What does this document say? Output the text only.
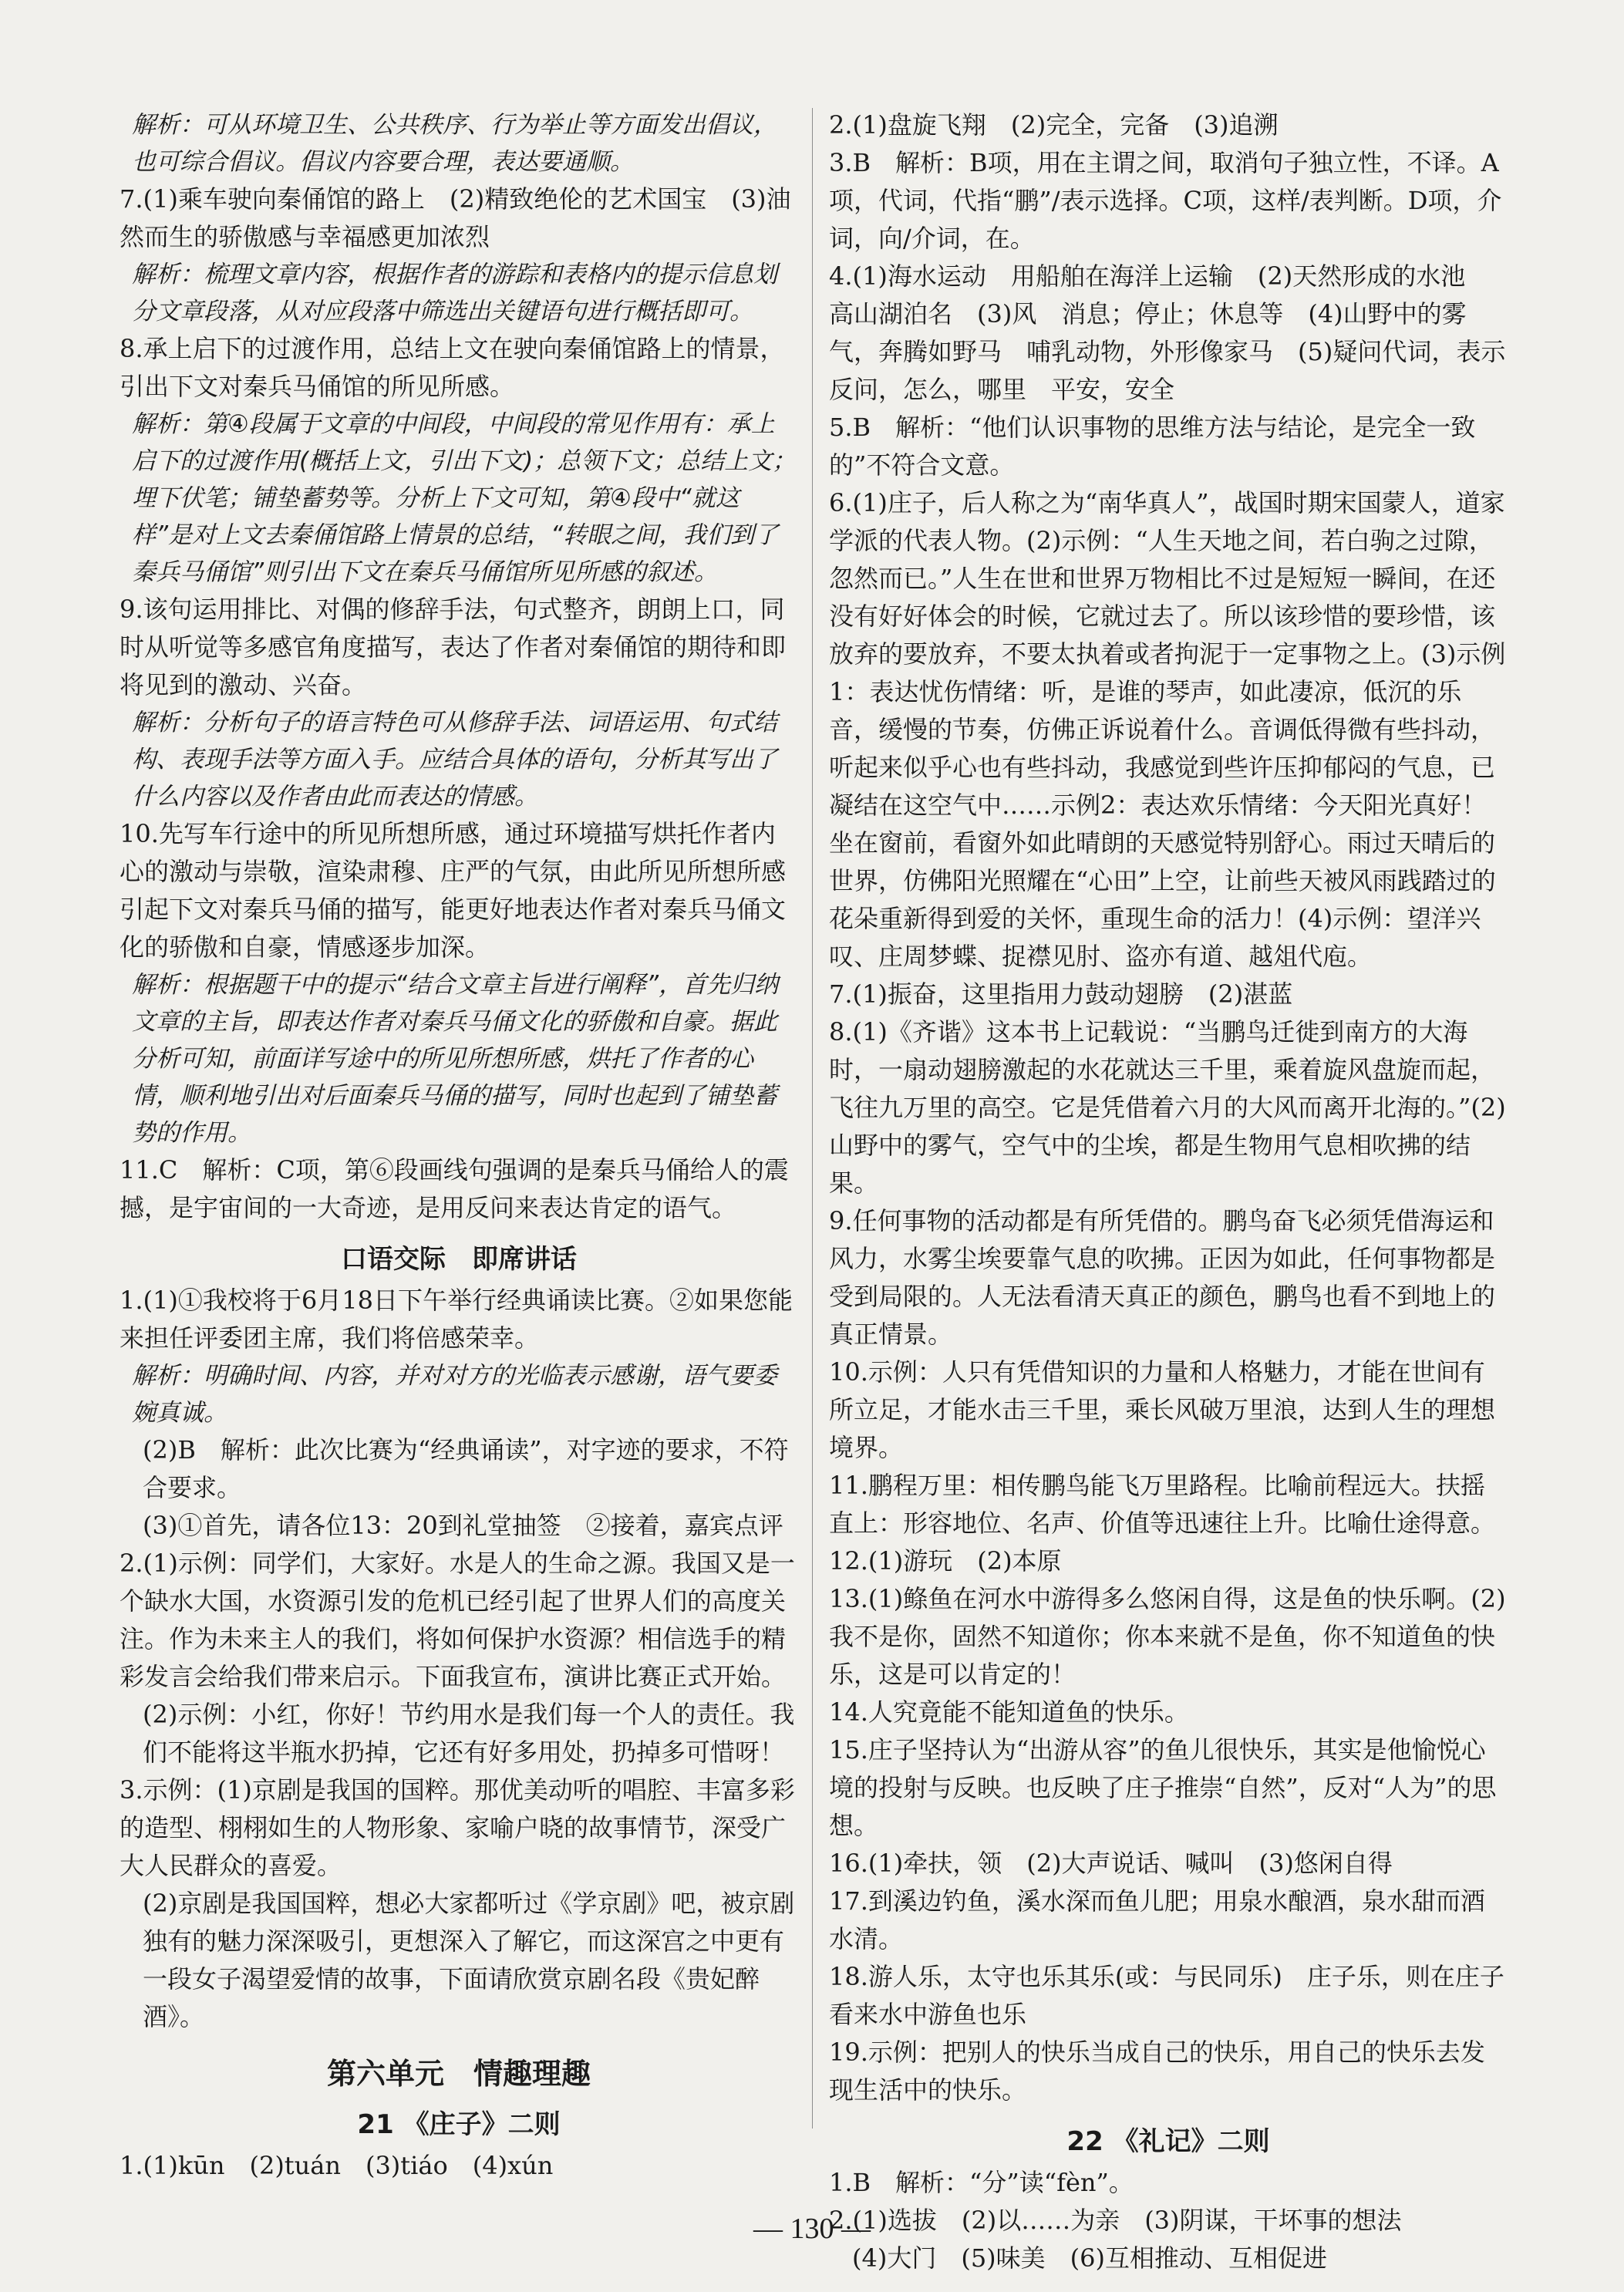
解析：可从环境卫生、公共秩序、行为举止等方面发出倡议，也可综合倡议。倡议内容要合理，表达要通顺。

7.(1)乘车驶向秦俑馆的路上　(2)精致绝伦的艺术国宝　(3)油然而生的骄傲感与幸福感更加浓烈

解析：梳理文章内容，根据作者的游踪和表格内的提示信息划分文章段落，从对应段落中筛选出关键语句进行概括即可。

8.承上启下的过渡作用，总结上文在驶向秦俑馆路上的情景，引出下文对秦兵马俑馆的所见所感。

解析：第④段属于文章的中间段，中间段的常见作用有：承上启下的过渡作用(概括上文，引出下文)；总领下文；总结上文；埋下伏笔；铺垫蓄势等。分析上下文可知，第④段中“就这样”是对上文去秦俑馆路上情景的总结，“转眼之间，我们到了秦兵马俑馆”则引出下文在秦兵马俑馆所见所感的叙述。

9.该句运用排比、对偶的修辞手法，句式整齐，朗朗上口，同时从听觉等多感官角度描写，表达了作者对秦俑馆的期待和即将见到的激动、兴奋。

解析：分析句子的语言特色可从修辞手法、词语运用、句式结构、表现手法等方面入手。应结合具体的语句，分析其写出了什么内容以及作者由此而表达的情感。

10.先写车行途中的所见所想所感，通过环境描写烘托作者内心的激动与崇敬，渲染肃穆、庄严的气氛，由此所见所想所感引起下文对秦兵马俑的描写，能更好地表达作者对秦兵马俑文化的骄傲和自豪，情感逐步加深。

解析：根据题干中的提示“结合文章主旨进行阐释”，首先归纳文章的主旨，即表达作者对秦兵马俑文化的骄傲和自豪。据此分析可知，前面详写途中的所见所想所感，烘托了作者的心情，顺利地引出对后面秦兵马俑的描写，同时也起到了铺垫蓄势的作用。

11.C　解析：C项，第⑥段画线句强调的是秦兵马俑给人的震撼，是宇宙间的一大奇迹，是用反问来表达肯定的语气。

口语交际　即席讲话

1.(1)①我校将于6月18日下午举行经典诵读比赛。②如果您能来担任评委团主席，我们将倍感荣幸。

解析：明确时间、内容，并对对方的光临表示感谢，语气要委婉真诚。

(2)B　解析：此次比赛为“经典诵读”，对字迹的要求，不符合要求。

(3)①首先，请各位13：20到礼堂抽签　②接着，嘉宾点评

2.(1)示例：同学们，大家好。水是人的生命之源。我国又是一个缺水大国，水资源引发的危机已经引起了世界人们的高度关注。作为未来主人的我们，将如何保护水资源？相信选手的精彩发言会给我们带来启示。下面我宣布，演讲比赛正式开始。

(2)示例：小红，你好！节约用水是我们每一个人的责任。我们不能将这半瓶水扔掉，它还有好多用处，扔掉多可惜呀！

3.示例：(1)京剧是我国的国粹。那优美动听的唱腔、丰富多彩的造型、栩栩如生的人物形象、家喻户晓的故事情节，深受广大人民群众的喜爱。

(2)京剧是我国国粹，想必大家都听过《学京剧》吧，被京剧独有的魅力深深吸引，更想深入了解它，而这深宫之中更有一段女子渴望爱情的故事，下面请欣赏京剧名段《贵妃醉酒》。

第六单元　情趣理趣
21 《庄子》二则

1.(1)kūn　(2)tuán　(3)tiáo　(4)xún

2.(1)盘旋飞翔　(2)完全，完备　(3)追溯

3.B　解析：B项，用在主谓之间，取消句子独立性，不译。A项，代词，代指“鹏”/表示选择。C项，这样/表判断。D项，介词，向/介词，在。

4.(1)海水运动　用船舶在海洋上运输　(2)天然形成的水池　高山湖泊名　(3)风　消息；停止；休息等　(4)山野中的雾气，奔腾如野马　哺乳动物，外形像家马　(5)疑问代词，表示反问，怎么，哪里　平安，安全

5.B　解析：“他们认识事物的思维方法与结论，是完全一致的”不符合文意。

6.(1)庄子，后人称之为“南华真人”，战国时期宋国蒙人，道家学派的代表人物。(2)示例：“人生天地之间，若白驹之过隙，忽然而已。”人生在世和世界万物相比不过是短短一瞬间，在还没有好好体会的时候，它就过去了。所以该珍惜的要珍惜，该放弃的要放弃，不要太执着或者拘泥于一定事物之上。(3)示例1：表达忧伤情绪：听，是谁的琴声，如此凄凉，低沉的乐音，缓慢的节奏，仿佛正诉说着什么。音调低得微有些抖动，听起来似乎心也有些抖动，我感觉到些许压抑郁闷的气息，已凝结在这空气中……示例2：表达欢乐情绪：今天阳光真好！坐在窗前，看窗外如此晴朗的天感觉特别舒心。雨过天晴后的世界，仿佛阳光照耀在“心田”上空，让前些天被风雨践踏过的花朵重新得到爱的关怀，重现生命的活力！(4)示例：望洋兴叹、庄周梦蝶、捉襟见肘、盗亦有道、越俎代庖。

7.(1)振奋，这里指用力鼓动翅膀　(2)湛蓝

8.(1)《齐谐》这本书上记载说：“当鹏鸟迁徙到南方的大海时，一扇动翅膀激起的水花就达三千里，乘着旋风盘旋而起，飞往九万里的高空。它是凭借着六月的大风而离开北海的。”(2)山野中的雾气，空气中的尘埃，都是生物用气息相吹拂的结果。

9.任何事物的活动都是有所凭借的。鹏鸟奋飞必须凭借海运和风力，水雾尘埃要靠气息的吹拂。正因为如此，任何事物都是受到局限的。人无法看清天真正的颜色，鹏鸟也看不到地上的真正情景。

10.示例：人只有凭借知识的力量和人格魅力，才能在世间有所立足，才能水击三千里，乘长风破万里浪，达到人生的理想境界。

11.鹏程万里：相传鹏鸟能飞万里路程。比喻前程远大。扶摇直上：形容地位、名声、价值等迅速往上升。比喻仕途得意。

12.(1)游玩　(2)本原

13.(1)鲦鱼在河水中游得多么悠闲自得，这是鱼的快乐啊。(2)我不是你，固然不知道你；你本来就不是鱼，你不知道鱼的快乐，这是可以肯定的！

14.人究竟能不能知道鱼的快乐。

15.庄子坚持认为“出游从容”的鱼儿很快乐，其实是他愉悦心境的投射与反映。也反映了庄子推崇“自然”，反对“人为”的思想。

16.(1)牵扶，领　(2)大声说话、喊叫　(3)悠闲自得

17.到溪边钓鱼，溪水深而鱼儿肥；用泉水酿酒，泉水甜而酒水清。

18.游人乐，太守也乐其乐(或：与民同乐)　庄子乐，则在庄子看来水中游鱼也乐

19.示例：把别人的快乐当成自己的快乐，用自己的快乐去发现生活中的快乐。

22 《礼记》二则

1.B　解析：“分”读“fèn”。

2.(1)选拔　(2)以……为亲　(3)阴谋，干坏事的想法

(4)大门　(5)味美　(6)互相推动、互相促进

— 130 —
